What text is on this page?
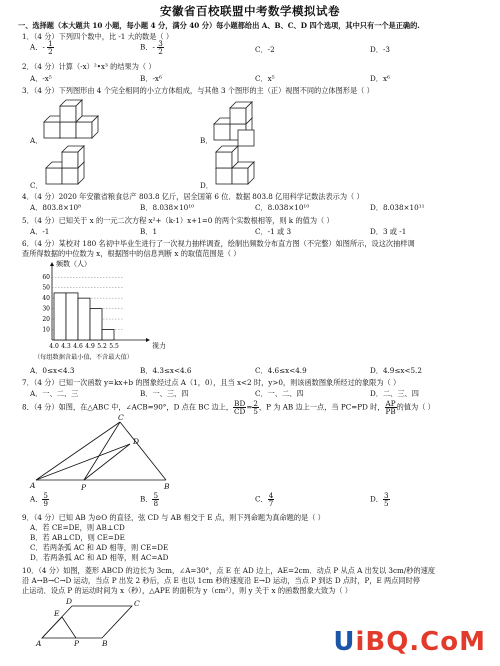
安徽省百校联盟中考数学模拟试卷
一、选择题（本大题共 10 小题，每小题 4 分，满分 40 分）每小题都给出 A、B、C、D 四个选项，其中只有一个是正确的.
1．（4 分）下列四个数中，比 -1 大的数是（ ）
A．- $\frac{1}{2}$	B．- $\frac{3}{2}$	C．-2	D．-3
2．（4 分）计算（-x）²•x³ 的结果为（ ）
A．-x⁵	B．-x⁶	C．x⁵	D．x⁶
3．（4 分）下列图形由 4 个完全相同的小立方体组成，与其他 3 个图形的主（正）视图不同的立体图形是（ ）
A．	B．
C．	D．
4．（4 分）2020 年安徽省粮食总产 803.8 亿斤，居全国第 6 位．数据 803.8 亿用科学记数法表示为（ ）
A．803.8×10⁸	B．8.038×10¹⁰	C．8.038×10¹⁰	D．8.038×10¹¹
5．（4 分）已知关于 x 的一元二次方程 x²+（k-1）x+1=0 的两个实数根相等，则 k 的值为（ ）
A．-1	B．1	C．-1 或 3	D．3 或 -1
6．（4 分）某校对 180 名初中毕业生进行了一次视力抽样调查，绘制出频数分布直方图（不完整）如图所示，设这次抽样调
查所得数据的中位数为 x，根据图中的信息判断 x 的取值范围是（ ）
10
20
30
40
50
60
4.0 4.3 4.6 4.9 5.2 5.5
频数（人）
视力
（每组数据含最小值，不含最大值）
A．0≤x<4.3	B．4.3≤x<4.6	C．4.6≤x<4.9	D．4.9≤x<5.2
7．（4 分）已知一次函数 y=kx+b 的图象经过点 A（1，0），且当 x<2 时，y>0，则该函数图象所经过的象限为（ ）
A．一、二、三	B．一、三、四	C．一、二、四	D．二、三、四
8．（4 分）如图，在△ABC 中，∠ACB=90°，D 点在 BC 边上， $\frac{BD}{CD} = \frac{2}{5}$ ，P 为 AB 边上一点，当 PC=PD 时， $\frac{AP}{PB}$ 的值为（ ）
C
D
A	P	B
A． $\frac{5}{9}$	B． $\frac{5}{8}$	C． $\frac{4}{7}$	D． $\frac{3}{5}$
9．（4 分）已知 AB 为⊙O 的直径，弦 CD 与 AB 相交于 E 点，则下列命题为真命题的是（ ）
A．若 CE=DE，则 AB⊥CD
B．若 AB⊥CD，则 CE=DE
C．若两条弧 AC 和 AD 相等，则 CE=DE
D．若两条弧 AC 和 AD 相等，则 AC=AD
10．（4 分）如图，菱形 ABCD 的边长为 3cm，∠A=30°，点 E 在 AD 边上，AE=2cm．动点 P 从点 A 出发以 3cm/秒的速度
沿 A→B→C→D 运动，当点 P 出发 2 秒后，点 E 也以 1cm 秒的速度沿 E→D 运动，当点 P 到达 D 点时，P，E 两点同时停
止运动．设点 P 的运动时间为 x（秒），△APE 的面积为 y（cm²），则 y 关于 x 的函数图象大致为（ ）
D
E
C
A	B
P	UiBQ.CoM
